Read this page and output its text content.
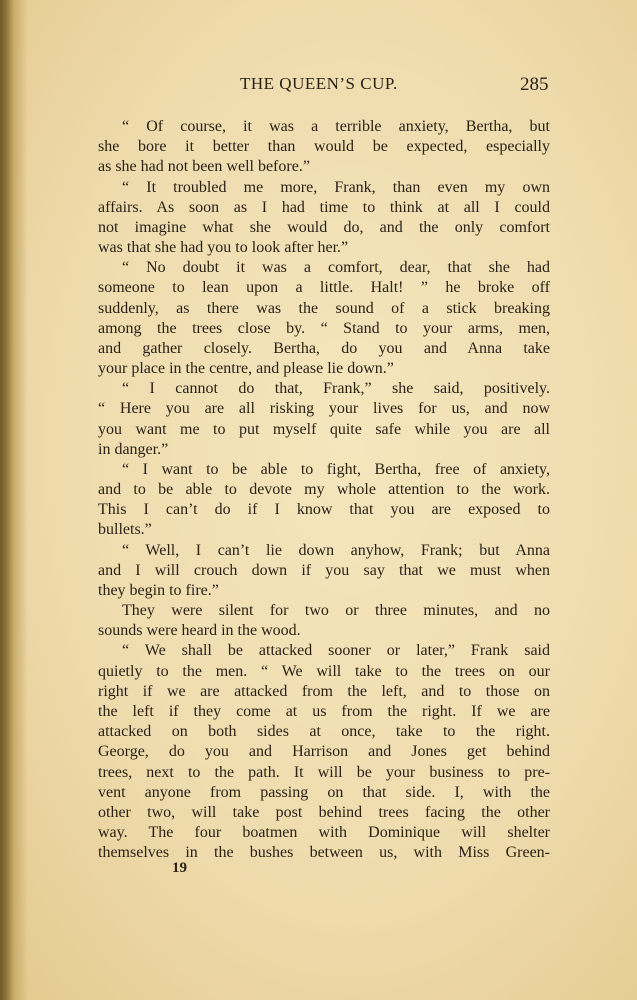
THE QUEEN’S CUP.	285
“ Of course, it was a terrible anxiety, Bertha, but
she bore it better than would be expected, especially
as she had not been well before.”
“ It troubled me more, Frank, than even my own
affairs. As soon as I had time to think at all I could
not imagine what she would do, and the only comfort
was that she had you to look after her.”
“ No doubt it was a comfort, dear, that she had
someone to lean upon a little. Halt! ” he broke off
suddenly, as there was the sound of a stick breaking
among the trees close by. “ Stand to your arms, men,
and gather closely. Bertha, do you and Anna take
your place in the centre, and please lie down.”
“ I cannot do that, Frank,” she said, positively.
“ Here you are all risking your lives for us, and now
you want me to put myself quite safe while you are all
in danger.”
“ I want to be able to fight, Bertha, free of anxiety,
and to be able to devote my whole attention to the work.
This I can’t do if I know that you are exposed to
bullets.”
“ Well, I can’t lie down anyhow, Frank; but Anna
and I will crouch down if you say that we must when
they begin to fire.”
They were silent for two or three minutes, and no
sounds were heard in the wood.
“ We shall be attacked sooner or later,” Frank said
quietly to the men. “ We will take to the trees on our
right if we are attacked from the left, and to those on
the left if they come at us from the right. If we are
attacked on both sides at once, take to the right.
George, do you and Harrison and Jones get behind
trees, next to the path. It will be your business to pre-
vent anyone from passing on that side. I, with the
other two, will take post behind trees facing the other
way. The four boatmen with Dominique will shelter
themselves in the bushes between us, with Miss Green-
19
